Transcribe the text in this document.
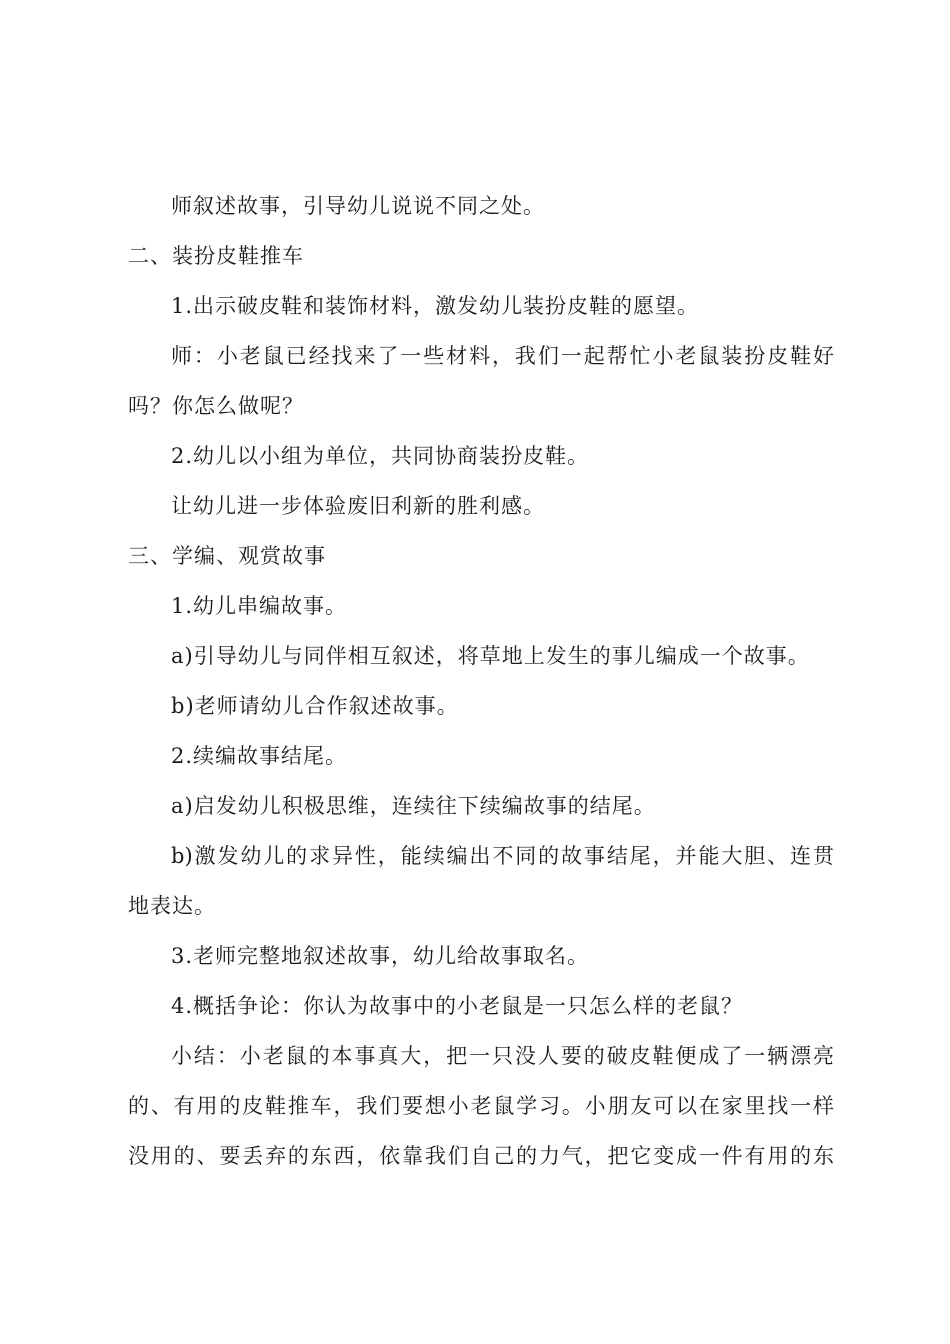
师叙述故事，引导幼儿说说不同之处。
二、装扮皮鞋推车
1.出示破皮鞋和装饰材料，激发幼儿装扮皮鞋的愿望。
师：小老鼠已经找来了一些材料，我们一起帮忙小老鼠装扮皮鞋好
吗？你怎么做呢？
2.幼儿以小组为单位，共同协商装扮皮鞋。
让幼儿进一步体验废旧利新的胜利感。
三、学编、观赏故事
1.幼儿串编故事。
a)引导幼儿与同伴相互叙述，将草地上发生的事儿编成一个故事。
b)老师请幼儿合作叙述故事。
2.续编故事结尾。
a)启发幼儿积极思维，连续往下续编故事的结尾。
b)激发幼儿的求异性，能续编出不同的故事结尾，并能大胆、连贯
地表达。
3.老师完整地叙述故事，幼儿给故事取名。
4.概括争论：你认为故事中的小老鼠是一只怎么样的老鼠？
小结：小老鼠的本事真大，把一只没人要的破皮鞋便成了一辆漂亮
的、有用的皮鞋推车，我们要想小老鼠学习。小朋友可以在家里找一样
没用的、要丢弃的东西，依靠我们自己的力气，把它变成一件有用的东
